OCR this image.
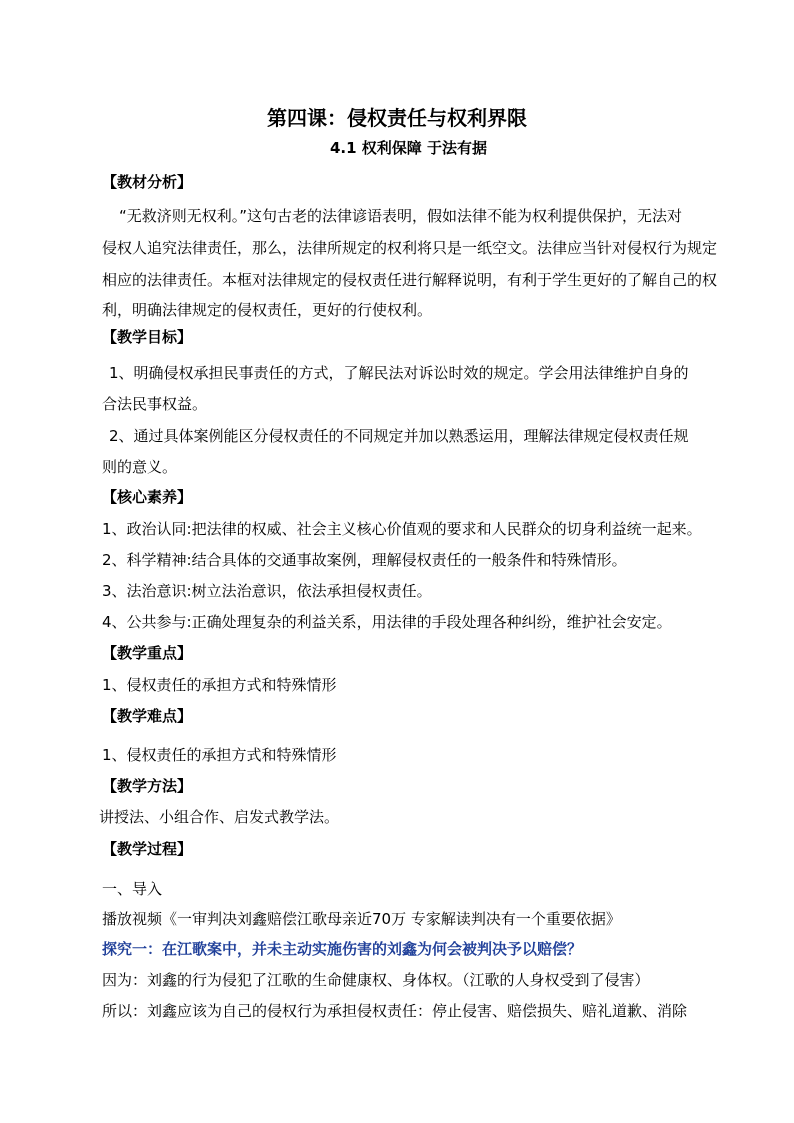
第四课：侵权责任与权利界限
4.1 权利保障 于法有据
【教材分析】
“无救济则无权利。”这句古老的法律谚语表明，假如法律不能为权利提供保护，无法对
侵权人追究法律责任，那么，法律所规定的权利将只是一纸空文。法律应当针对侵权行为规定
相应的法律责任。本框对法律规定的侵权责任进行解释说明，有利于学生更好的了解自己的权
利，明确法律规定的侵权责任，更好的行使权利。
【教学目标】
1、明确侵权承担民事责任的方式，了解民法对诉讼时效的规定。学会用法律维护自身的
合法民事权益。
2、通过具体案例能区分侵权责任的不同规定并加以熟悉运用，理解法律规定侵权责任规
则的意义。
【核心素养】
1、政治认同:把法律的权威、社会主义核心价值观的要求和人民群众的切身利益统一起来。
2、科学精神:结合具体的交通事故案例，理解侵权责任的一般条件和特殊情形。
3、法治意识:树立法治意识，依法承担侵权责任。
4、公共参与:正确处理复杂的利益关系，用法律的手段处理各种纠纷，维护社会安定。
【教学重点】
1、侵权责任的承担方式和特殊情形
【教学难点】
1、侵权责任的承担方式和特殊情形
【教学方法】
讲授法、小组合作、启发式教学法。
【教学过程】
一、导入
播放视频《一审判决刘鑫赔偿江歌母亲近70万 专家解读判决有一个重要依据》
探究一：在江歌案中，并未主动实施伤害的刘鑫为何会被判决予以赔偿？
因为：刘鑫的行为侵犯了江歌的生命健康权、身体权。（江歌的人身权受到了侵害）
所以：刘鑫应该为自己的侵权行为承担侵权责任：停止侵害、赔偿损失、赔礼道歉、消除
